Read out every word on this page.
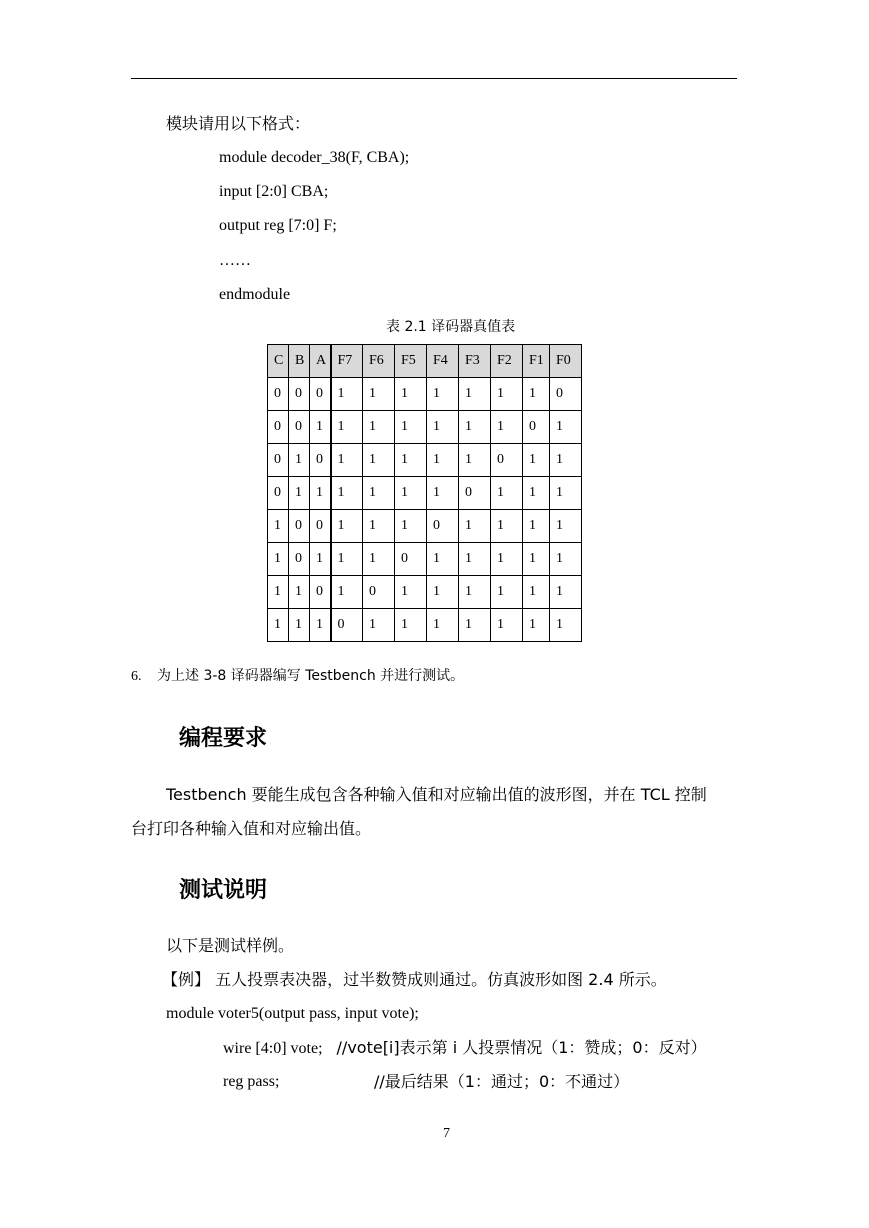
模块请用以下格式：
module decoder_38(F, CBA);
input [2:0] CBA;
output reg [7:0] F;
……
endmodule
表 2.1 译码器真值表
C	B	A	F7	F6	F5	F4	F3	F2	F1	F0
0	0	0	1	1	1	1	1	1	1	0
0	0	1	1	1	1	1	1	1	0	1
0	1	0	1	1	1	1	1	0	1	1
0	1	1	1	1	1	1	0	1	1	1
1	0	0	1	1	1	0	1	1	1	1
1	0	1	1	1	0	1	1	1	1	1
1	1	0	1	0	1	1	1	1	1	1
1	1	1	0	1	1	1	1	1	1	1
6. 为上述 3-8 译码器编写 Testbench 并进行测试。
编程要求
Testbench 要能生成包含各种输入值和对应输出值的波形图，并在 TCL 控制
台打印各种输入值和对应输出值。
测试说明
以下是测试样例。
【例】 五人投票表决器，过半数赞成则通过。仿真波形如图 2.4 所示。
module voter5(output pass, input vote);
wire [4:0] vote; //vote[i]表示第 i 人投票情况（1：赞成；0：反对）
reg pass;	//最后结果（1：通过；0：不通过）
7
